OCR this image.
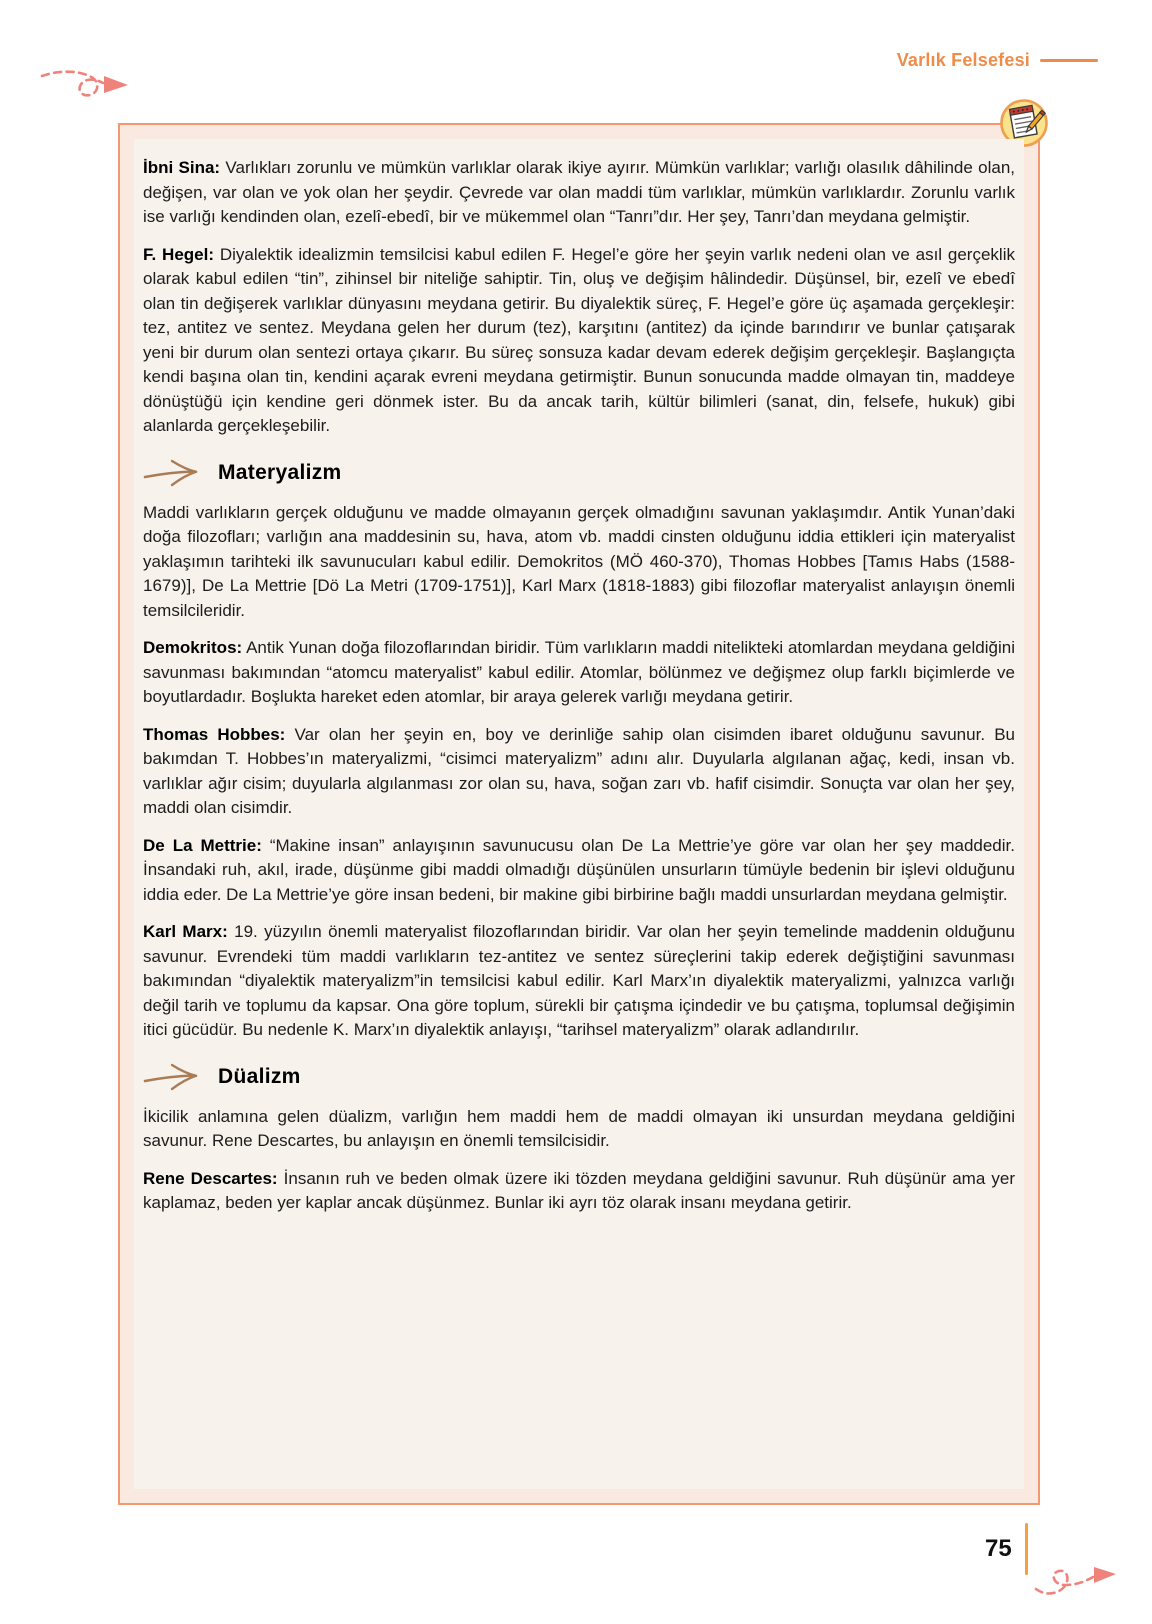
Varlık Felsefesi

İbni Sina: Varlıkları zorunlu ve mümkün varlıklar olarak ikiye ayırır. Mümkün varlıklar; varlığı olasılık dâhilinde olan, değişen, var olan ve yok olan her şeydir. Çevrede var olan maddi tüm varlıklar, mümkün varlıklardır. Zorunlu varlık ise varlığı kendinden olan, ezelî-ebedî, bir ve mükemmel olan “Tanrı”dır. Her şey, Tanrı’dan meydana gelmiştir.

F. Hegel: Diyalektik idealizmin temsilcisi kabul edilen F. Hegel’e göre her şeyin varlık nedeni olan ve asıl gerçeklik olarak kabul edilen “tin”, zihinsel bir niteliğe sahiptir. Tin, oluş ve değişim hâlindedir. Düşünsel, bir, ezelî ve ebedî olan tin değişerek varlıklar dünyasını meydana getirir. Bu diyalektik süreç, F. Hegel’e göre üç aşamada gerçekleşir: tez, antitez ve sentez. Meydana gelen her durum (tez), karşıtını (antitez) da içinde barındırır ve bunlar çatışarak yeni bir durum olan sentezi ortaya çıkarır. Bu süreç sonsuza kadar devam ederek değişim gerçekleşir. Başlangıçta kendi başına olan tin, kendini açarak evreni meydana getirmiştir. Bunun sonucunda madde olmayan tin, maddeye dönüştüğü için kendine geri dönmek ister. Bu da ancak tarih, kültür bilimleri (sanat, din, felsefe, hukuk) gibi alanlarda gerçekleşebilir.

Materyalizm

Maddi varlıkların gerçek olduğunu ve madde olmayanın gerçek olmadığını savunan yaklaşımdır. Antik Yunan’daki doğa filozofları; varlığın ana maddesinin su, hava, atom vb. maddi cinsten olduğunu iddia ettikleri için materyalist yaklaşımın tarihteki ilk savunucuları kabul edilir. Demokritos (MÖ 460-370), Thomas Hobbes [Tamıs Habs (1588-1679)], De La Mettrie [Dö La Metri (1709-1751)], Karl Marx (1818-1883) gibi filozoflar materyalist anlayışın önemli temsilcileridir.

Demokritos: Antik Yunan doğa filozoflarından biridir. Tüm varlıkların maddi nitelikteki atomlardan meydana geldiğini savunması bakımından “atomcu materyalist” kabul edilir. Atomlar, bölünmez ve değişmez olup farklı biçimlerde ve boyutlardadır. Boşlukta hareket eden atomlar, bir araya gelerek varlığı meydana getirir.

Thomas Hobbes: Var olan her şeyin en, boy ve derinliğe sahip olan cisimden ibaret olduğunu savunur. Bu bakımdan T. Hobbes’ın materyalizmi, “cisimci materyalizm” adını alır. Duyularla algılanan ağaç, kedi, insan vb. varlıklar ağır cisim; duyularla algılanması zor olan su, hava, soğan zarı vb. hafif cisimdir. Sonuçta var olan her şey, maddi olan cisimdir.

De La Mettrie: “Makine insan” anlayışının savunucusu olan De La Mettrie’ye göre var olan her şey maddedir. İnsandaki ruh, akıl, irade, düşünme gibi maddi olmadığı düşünülen unsurların tümüyle bedenin bir işlevi olduğunu iddia eder. De La Mettrie’ye göre insan bedeni, bir makine gibi birbirine bağlı maddi unsurlardan meydana gelmiştir.

Karl Marx: 19. yüzyılın önemli materyalist filozoflarından biridir. Var olan her şeyin temelinde maddenin olduğunu savunur. Evrendeki tüm maddi varlıkların tez-antitez ve sentez süreçlerini takip ederek değiştiğini savunması bakımından “diyalektik materyalizm”in temsilcisi kabul edilir. Karl Marx’ın diyalektik materyalizmi, yalnızca varlığı değil tarih ve toplumu da kapsar. Ona göre toplum, sürekli bir çatışma içindedir ve bu çatışma, toplumsal değişimin itici gücüdür. Bu nedenle K. Marx’ın diyalektik anlayışı, “tarihsel materyalizm” olarak adlandırılır.

Düalizm

İkicilik anlamına gelen düalizm, varlığın hem maddi hem de maddi olmayan iki unsurdan meydana geldiğini savunur. Rene Descartes, bu anlayışın en önemli temsilcisidir.

Rene Descartes: İnsanın ruh ve beden olmak üzere iki tözden meydana geldiğini savunur. Ruh düşünür ama yer kaplamaz, beden yer kaplar ancak düşünmez. Bunlar iki ayrı töz olarak insanı meydana getirir.

75
